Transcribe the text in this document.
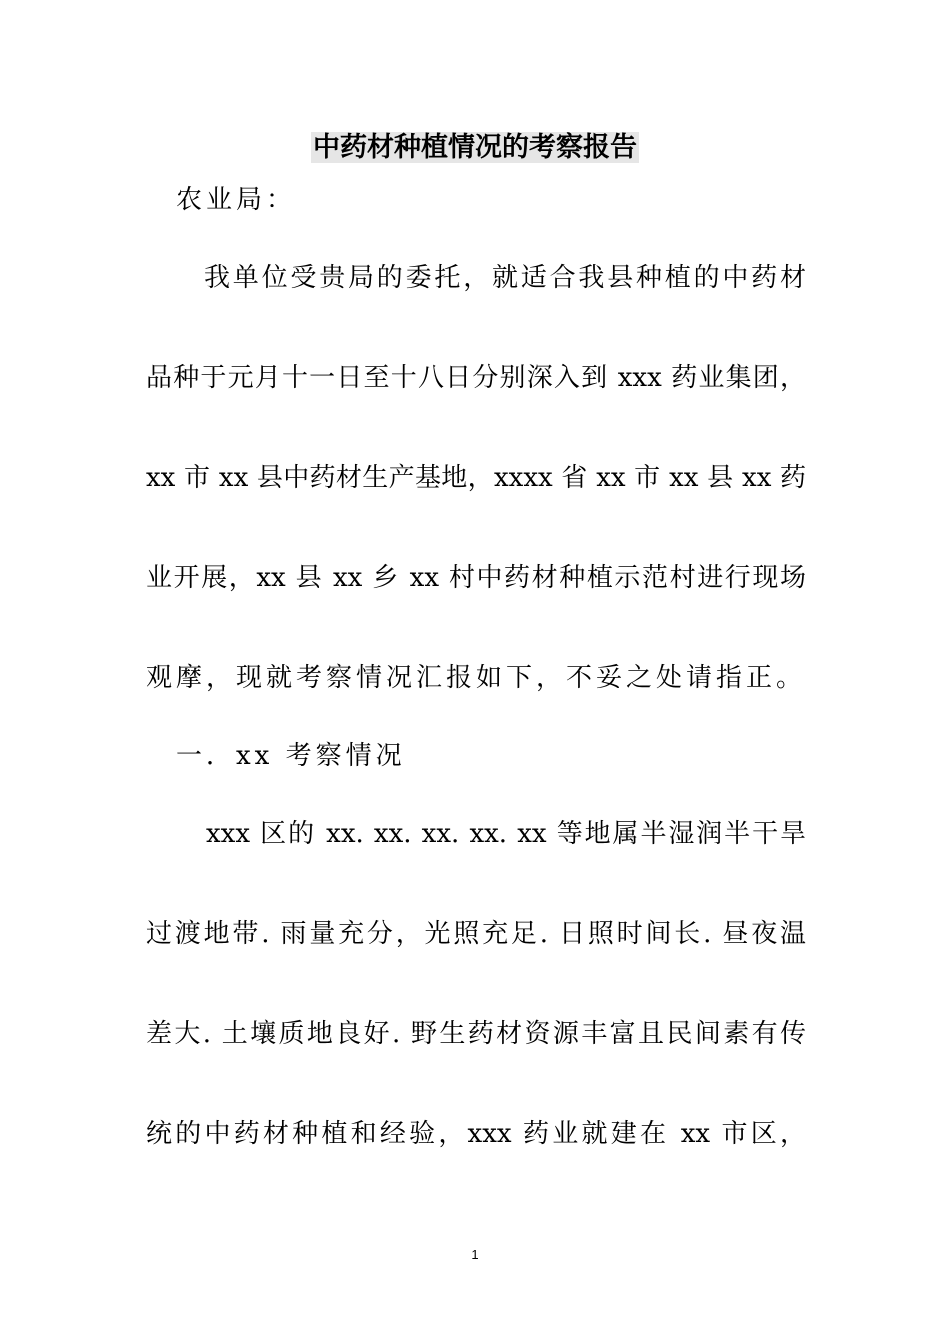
中药材种植情况的考察报告
农业局：
我单位受贵局的委托，就适合我县种植的中药材
品种于元月十一日至十八日分别深入到 xxx 药业集团，
xx 市 xx 县中药材生产基地，xxxx 省 xx 市 xx 县 xx 药
业开展，xx 县 xx 乡 xx 村中药材种植示范村进行现场
观摩，现就考察情况汇报如下，不妥之处请指正。
一．xx 考察情况
xxx 区的 xx. xx. xx. xx. xx 等地属半湿润半干旱
过渡地带. 雨量充分，光照充足. 日照时间长. 昼夜温
差大. 土壤质地良好. 野生药材资源丰富且民间素有传
统的中药材种植和经验，xxx 药业就建在 xx 市区，
1
